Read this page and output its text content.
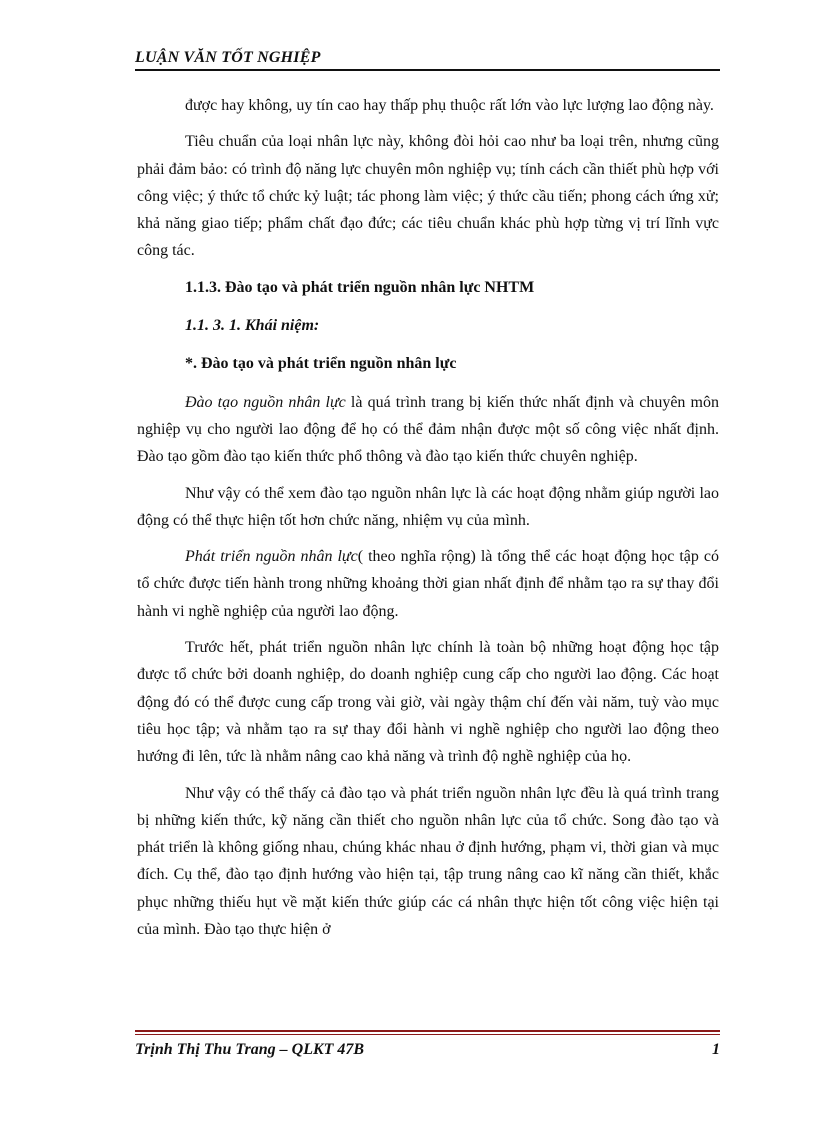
LUẬN VĂN TỐT NGHIỆP

được hay không, uy tín cao hay thấp phụ thuộc rất lớn vào lực lượng lao động này.

Tiêu chuẩn của loại nhân lực này, không đòi hỏi cao như ba loại trên, nhưng cũng phải đảm bảo: có trình độ năng lực chuyên môn nghiệp vụ; tính cách cần thiết phù hợp với công việc; ý thức tổ chức kỷ luật; tác phong làm việc; ý thức cầu tiến; phong cách ứng xử; khả năng giao tiếp; phẩm chất đạo đức; các tiêu chuẩn khác phù hợp từng vị trí lĩnh vực công tác.

1.1.3. Đào tạo và phát triển nguồn nhân lực NHTM

1.1. 3. 1. Khái niệm:

*. Đào tạo và phát triển nguồn nhân lực

Đào tạo nguồn nhân lực là quá trình trang bị kiến thức nhất định và chuyên môn nghiệp vụ cho người lao động để họ có thể đảm nhận được một số công việc nhất định. Đào tạo gồm đào tạo kiến thức phổ thông và đào tạo kiến thức chuyên nghiệp.

Như vậy có thể xem đào tạo nguồn nhân lực là các hoạt động nhằm giúp người lao động có thể thực hiện tốt hơn chức năng, nhiệm vụ của mình.

Phát triển nguồn nhân lực( theo nghĩa rộng) là tổng thể các hoạt động học tập có tổ chức được tiến hành trong những khoảng thời gian nhất định để nhằm tạo ra sự thay đổi hành vi nghề nghiệp của người lao động.

Trước hết, phát triển nguồn nhân lực chính là toàn bộ những hoạt động học tập được tổ chức bởi doanh nghiệp, do doanh nghiệp cung cấp cho người lao động. Các hoạt động đó có thể được cung cấp trong vài giờ, vài ngày thậm chí đến vài năm, tuỳ vào mục tiêu học tập; và nhằm tạo ra sự thay đổi hành vi nghề nghiệp cho người lao động theo hướng đi lên, tức là nhằm nâng cao khả năng và trình độ nghề nghiệp của họ.

Như vậy có thể thấy cả đào tạo và phát triển nguồn nhân lực đều là quá trình trang bị những kiến thức, kỹ năng cần thiết cho nguồn nhân lực của tổ chức. Song đào tạo và phát triển là không giống nhau, chúng khác nhau ở định hướng, phạm vi, thời gian và mục đích. Cụ thể, đào tạo định hướng vào hiện tại, tập trung nâng cao kĩ năng cần thiết, khắc phục những thiếu hụt về mặt kiến thức giúp các cá nhân thực hiện tốt công việc hiện tại của mình. Đào tạo thực hiện ở

Trịnh Thị Thu Trang – QLKT 47B	1
